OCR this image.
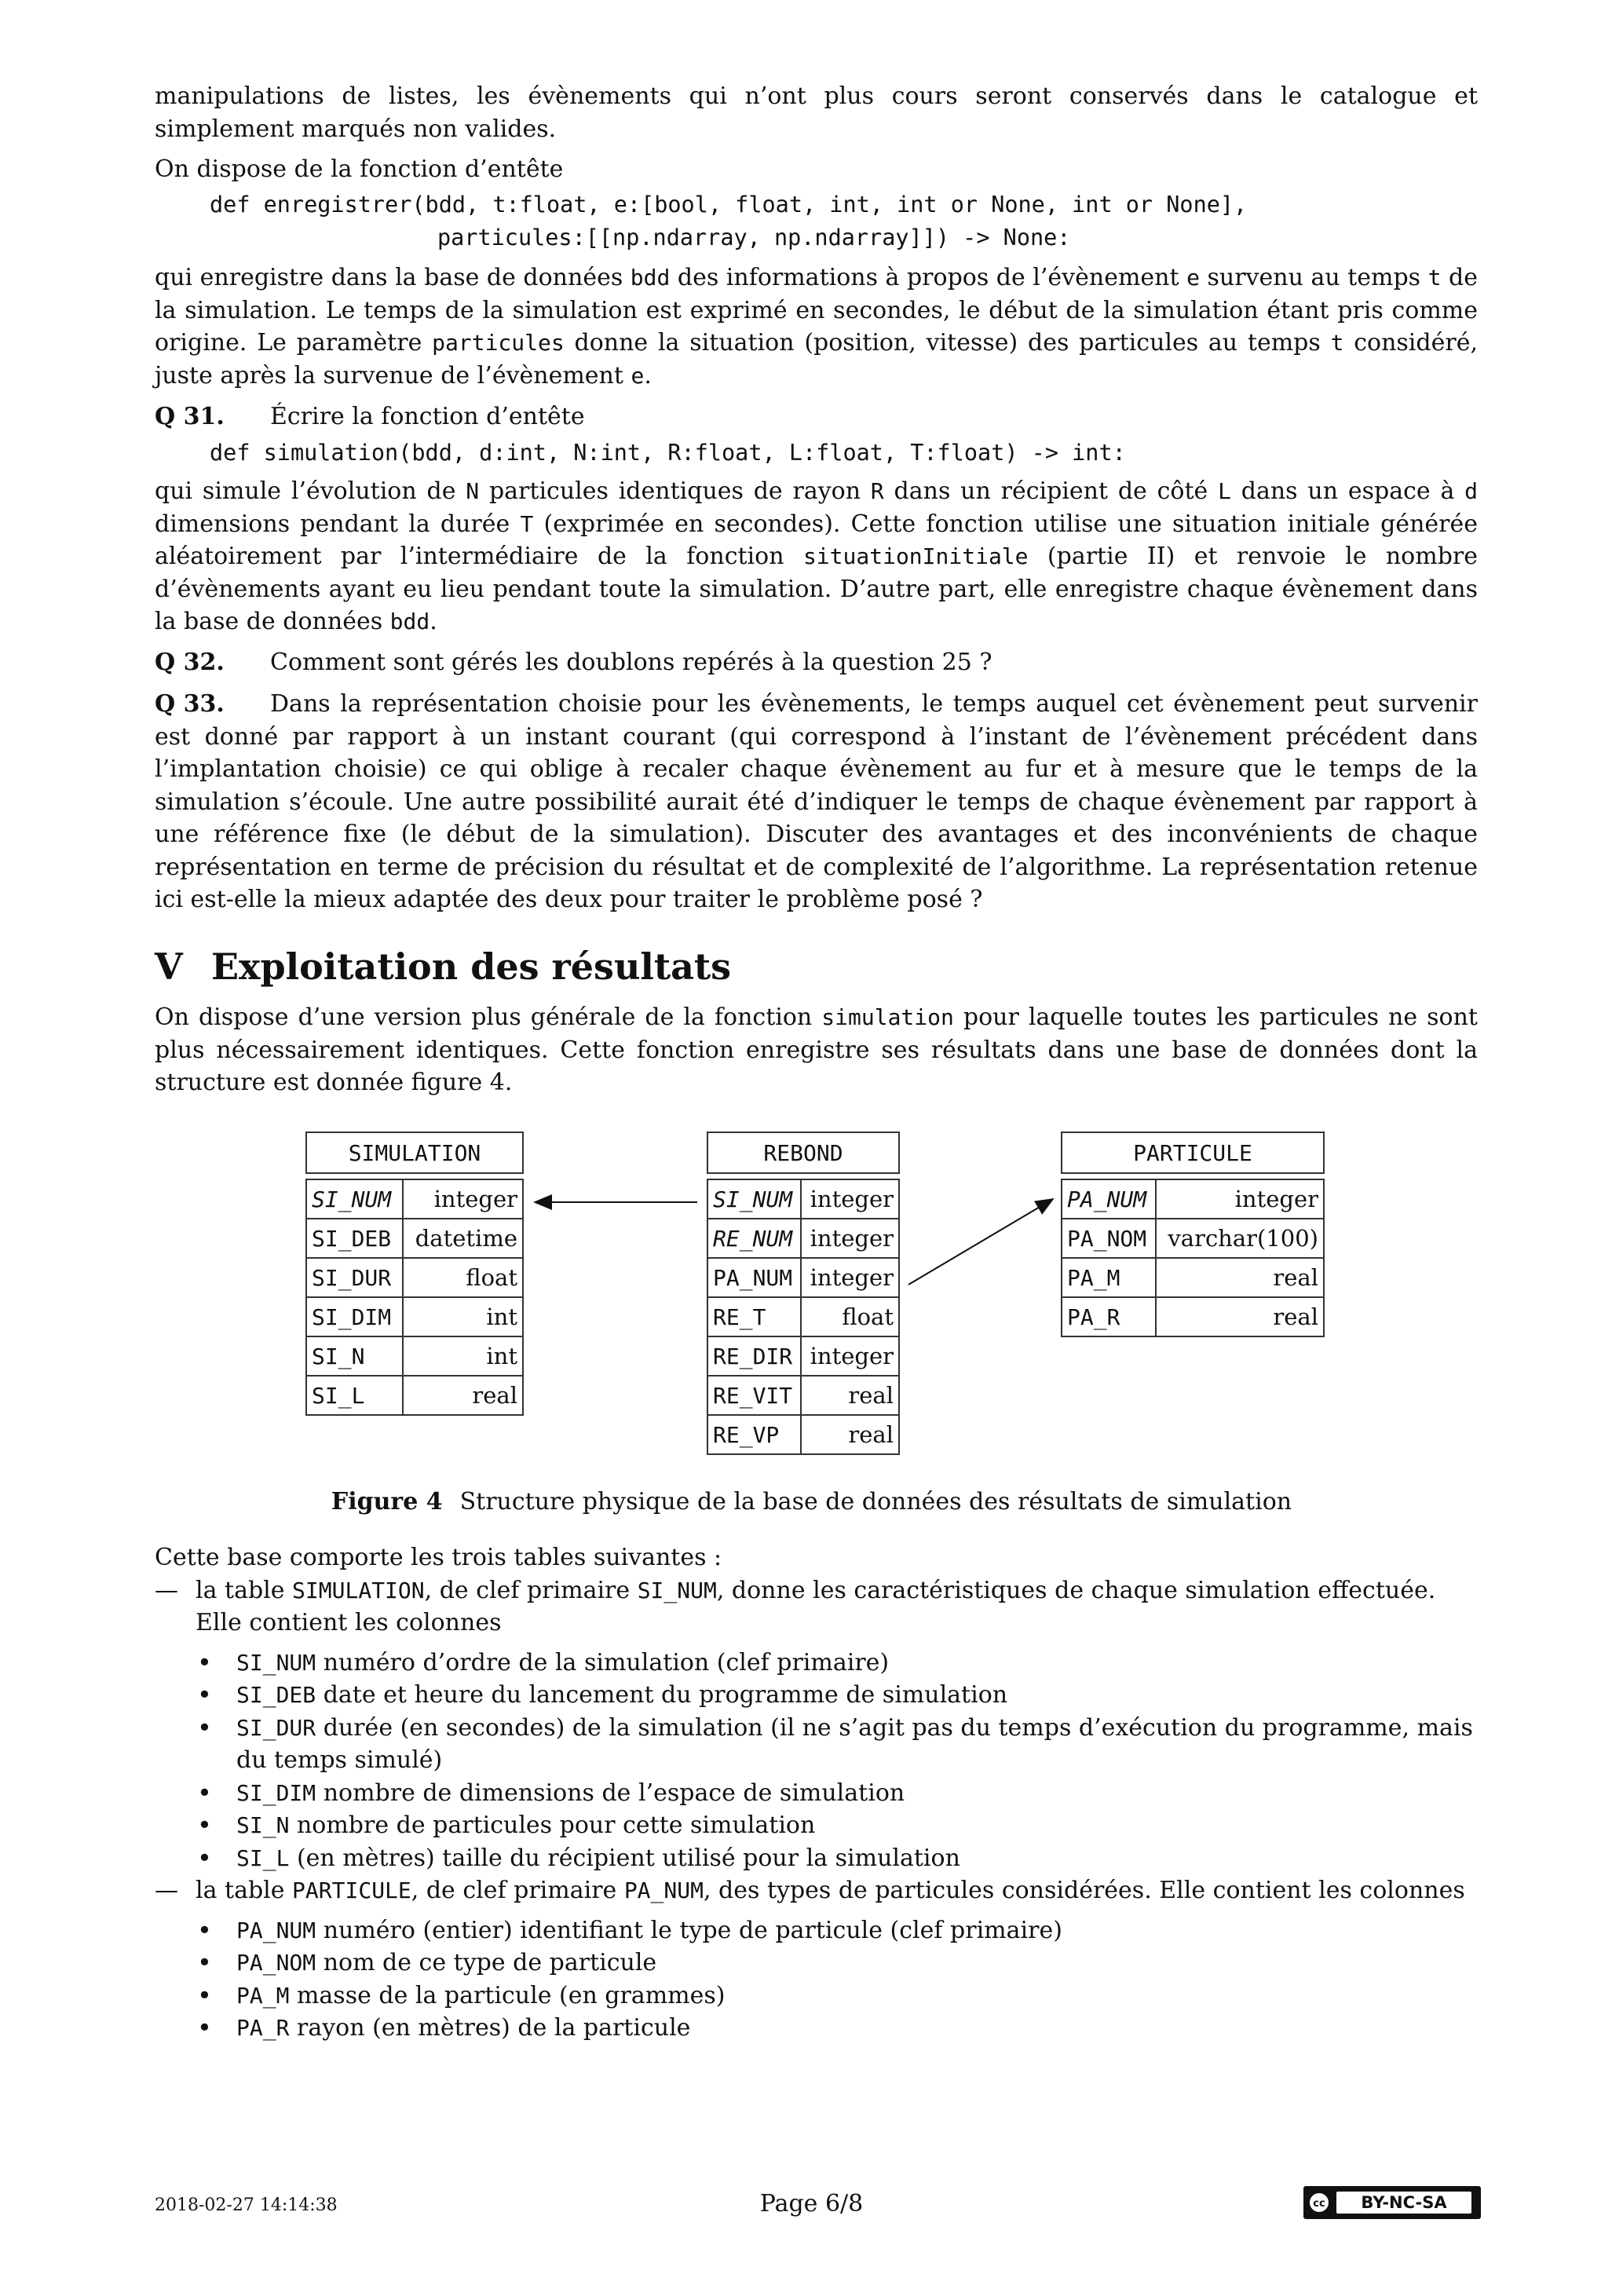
manipulations de listes, les évènements qui n’ont plus cours seront conservés dans le catalogue et simplement marqués non valides.
On dispose de la fonction d’entête
def enregistrer(bdd, t:float, e:[bool, float, int, int or None, int or None],
particules:[[np.ndarray, np.ndarray]]) -> None:
qui enregistre dans la base de données bdd des informations à propos de l’évènement e survenu au temps t de la simulation. Le temps de la simulation est exprimé en secondes, le début de la simulation étant pris comme origine. Le paramètre particules donne la situation (position, vitesse) des particules au temps t considéré, juste après la survenue de l’évènement e.
Q 31. Écrire la fonction d’entête
def simulation(bdd, d:int, N:int, R:float, L:float, T:float) -> int:
qui simule l’évolution de N particules identiques de rayon R dans un récipient de côté L dans un espace à d dimensions pendant la durée T (exprimée en secondes). Cette fonction utilise une situation initiale générée aléatoirement par l’intermédiaire de la fonction situationInitiale (partie II) et renvoie le nombre d’évènements ayant eu lieu pendant toute la simulation. D’autre part, elle enregistre chaque évènement dans la base de données bdd.
Q 32. Comment sont gérés les doublons repérés à la question 25 ?
Q 33. Dans la représentation choisie pour les évènements, le temps auquel cet évènement peut survenir est donné par rapport à un instant courant (qui correspond à l’instant de l’évènement précédent dans l’implantation choisie) ce qui oblige à recaler chaque évènement au fur et à mesure que le temps de la simulation s’écoule. Une autre possibilité aurait été d’indiquer le temps de chaque évènement par rapport à une référence fixe (le début de la simulation). Discuter des avantages et des inconvénients de chaque représentation en terme de précision du résultat et de complexité de l’algorithme. La représentation retenue ici est-elle la mieux adaptée des deux pour traiter le problème posé ?
V Exploitation des résultats
On dispose d’une version plus générale de la fonction simulation pour laquelle toutes les particules ne sont plus nécessairement identiques. Cette fonction enregistre ses résultats dans une base de données dont la structure est donnée figure 4.
SIMULATION	

SI_NUM	integer
SI_DEB	datetime
SI_DUR	float
SI_DIM	int
SI_N	int
SI_L	real
REBOND	

SI_NUM	integer
RE_NUM	integer
PA_NUM	integer
RE_T	float
RE_DIR	integer
RE_VIT	real
RE_VP	real
PARTICULE	

PA_NUM	integer
PA_NOM	varchar(100)
PA_M	real
PA_R	real
Figure 4 Structure physique de la base de données des résultats de simulation
Cette base comporte les trois tables suivantes :
— la table SIMULATION, de clef primaire SI_NUM, donne les caractéristiques de chaque simulation effectuée. Elle contient les colonnes
• SI_NUM numéro d’ordre de la simulation (clef primaire)
• SI_DEB date et heure du lancement du programme de simulation
• SI_DUR durée (en secondes) de la simulation (il ne s’agit pas du temps d’exécution du programme, mais du temps simulé)
• SI_DIM nombre de dimensions de l’espace de simulation
• SI_N nombre de particules pour cette simulation
• SI_L (en mètres) taille du récipient utilisé pour la simulation
— la table PARTICULE, de clef primaire PA_NUM, des types de particules considérées. Elle contient les colonnes
• PA_NUM numéro (entier) identifiant le type de particule (clef primaire)
• PA_NOM nom de ce type de particule
• PA_M masse de la particule (en grammes)
• PA_R rayon (en mètres) de la particule
2018-02-27 14:14:38	Page 6/8	cc	BY-NC-SA
